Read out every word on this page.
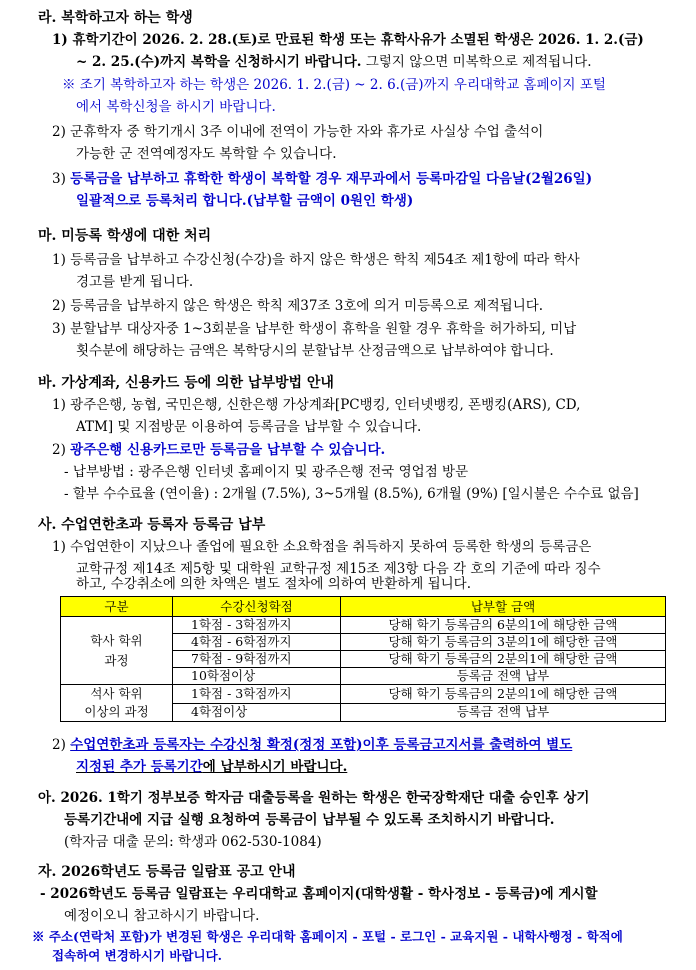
라. 복학하고자 하는 학생
1) 휴학기간이 2026. 2. 28.(토)로 만료된 학생 또는 휴학사유가 소멸된 학생은 2026. 1. 2.(금)
~ 2. 25.(수)까지 복학을 신청하시기 바랍니다. 그렇지 않으면 미복학으로 제적됩니다.
※ 조기 복학하고자 하는 학생은 2026. 1. 2.(금) ~ 2. 6.(금)까지 우리대학교 홈페이지 포털
에서 복학신청을 하시기 바랍니다.
2) 군휴학자 중 학기개시 3주 이내에 전역이 가능한 자와 휴가로 사실상 수업 출석이
가능한 군 전역예정자도 복학할 수 있습니다.
3) 등록금을 납부하고 휴학한 학생이 복학할 경우 재무과에서 등록마감일 다음날(2월26일)
일괄적으로 등록처리 합니다.(납부할 금액이 0원인 학생)
마. 미등록 학생에 대한 처리
1) 등록금을 납부하고 수강신청(수강)을 하지 않은 학생은 학칙 제54조 제1항에 따라 학사
경고를 받게 됩니다.
2) 등록금을 납부하지 않은 학생은 학칙 제37조 3호에 의거 미등록으로 제적됩니다.
3) 분할납부 대상자중 1~3회분을 납부한 학생이 휴학을 원할 경우 휴학을 허가하되, 미납
횟수분에 해당하는 금액은 복학당시의 분할납부 산정금액으로 납부하여야 합니다.
바. 가상계좌, 신용카드 등에 의한 납부방법 안내
1) 광주은행, 농협, 국민은행, 신한은행 가상계좌[PC뱅킹, 인터넷뱅킹, 폰뱅킹(ARS), CD,
ATM] 및 지점방문 이용하여 등록금을 납부할 수 있습니다.
2) 광주은행 신용카드로만 등록금을 납부할 수 있습니다.
- 납부방법 : 광주은행 인터넷 홈페이지 및 광주은행 전국 영업점 방문
- 할부 수수료율 (연이율) : 2개월 (7.5%), 3~5개월 (8.5%), 6개월 (9%) [일시불은 수수료 없음]
사. 수업연한초과 등록자 등록금 납부
1) 수업연한이 지났으나 졸업에 필요한 소요학점을 취득하지 못하여 등록한 학생의 등록금은
교학규정 제14조 제5항 및 대학원 교학규정 제15조 제3항 다음 각 호의 기준에 따라 징수
하고, 수강취소에 의한 차액은 별도 절차에 의하여 반환하게 됩니다.
구분	수강신청학점	납부할 금액

학사 학위
과정	1학점 - 3학점까지	당해 학기 등록금의 6분의1에 해당한 금액
	4학점 - 6학점까지	당해 학기 등록금의 3분의1에 해당한 금액
	7학점 - 9학점까지	당해 학기 등록금의 2분의1에 해당한 금액
	10학점이상	등록금 전액 납부

석사 학위
이상의 과정	1학점 - 3학점까지	당해 학기 등록금의 2분의1에 해당한 금액
	4학점이상	등록금 전액 납부
2) 수업연한초과 등록자는 수강신청 확정(정정 포함)이후 등록금고지서를 출력하여 별도
지정된 추가 등록기간에 납부하시기 바랍니다.
아. 2026. 1학기 정부보증 학자금 대출등록을 원하는 학생은 한국장학재단 대출 승인후 상기
등록기간내에 지급 실행 요청하여 등록금이 납부될 수 있도록 조치하시기 바랍니다.
(학자금 대출 문의: 학생과 062-530-1084)
자. 2026학년도 등록금 일람표 공고 안내
- 2026학년도 등록금 일람표는 우리대학교 홈페이지(대학생활 - 학사정보 - 등록금)에 게시할
예정이오니 참고하시기 바랍니다.
※ 주소(연락처 포함)가 변경된 학생은 우리대학 홈페이지 - 포털 - 로그인 - 교육지원 - 내학사행정 - 학적에
접속하여 변경하시기 바랍니다.
